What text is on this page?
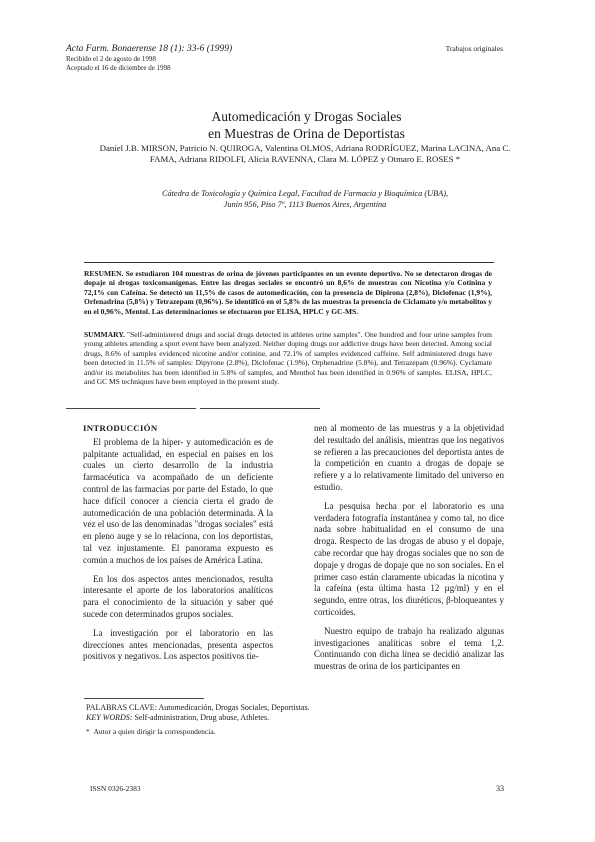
Acta Farm. Bonaerense 18 (1): 33-6 (1999)
Recibido el 2 de agosto de 1998
Aceptado el 16 de diciembre de 1998
Trabajos originales
Automedicación y Drogas Sociales
en Muestras de Orina de Deportistas
Daniel J.B. MIRSON, Patricio N. QUIROGA, Valentina OLMOS, Adriana RODRÍGUEZ, Marina LACINA, Ana C. FAMA, Adriana RIDOLFI, Alicia RAVENNA, Clara M. LÓPEZ y Otmaro E. ROSES *
Cátedra de Toxicología y Química Legal, Facultad de Farmacia y Bioquímica (UBA),
Junín 956, Piso 7º, 1113 Buenos Aires, Argentina
RESUMEN. Se estudiaron 104 muestras de orina de jóvenes participantes en un evento deportivo. No se detectaron drogas de dopaje ni drogas toxicomanígenas. Entre las drogas sociales se encontró un 8,6% de muestras con Nicotina y/o Cotinina y 72,1% con Cafeína. Se detectó un 11,5% de casos de automedicación, con la presencia de Dipirona (2,8%), Diclofenac (1,9%), Orfenadrina (5,8%) y Tetrazepam (0,96%). Se identificó en el 5,8% de las muestras la presencia de Ciclamato y/o metabolitos y en el 0,96%, Mentol. Las determinaciones se efectuaron por ELISA, HPLC y GC-MS.
SUMMARY. "Self-administered drugs and social drugs detected in athletes urine samples". One hundred and four urine samples from young athletes attending a sport event have been analyzed. Neither doping drugs nor addictive drugs have been detected. Among social drugs, 8.6% of samples evidenced nicotine and/or cotinine, and 72.1% of samples evidenced caffeine. Self administered drugs have been detected in 11.5% of samples: Dipyrone (2.8%), Diclofenac (1.9%), Orphenadrine (5.8%), and Tetrazepam (0.96%). Cyclamate and/or its metabolites has been identified in 5.8% of samples, and Menthol has been identified in 0.96% of samples. ELISA, HPLC, and GC MS techniques have been employed in the present study.
INTRODUCCIÓN

El problema de la hiper- y automedicación es de palpitante actualidad, en especial en países en los cuales un cierto desarrollo de la industria farmacéutica va acompañado de un deficiente control de las farmacias por parte del Estado, lo que hace difícil conocer a ciencia cierta el grado de automedicación de una población determinada. A la vez el uso de las denominadas "drogas sociales" está en pleno auge y se lo relaciona, con los deportistas, tal vez injustamente. El panorama expuesto es común a muchos de los países de América Latina.

En los dos aspectos antes mencionados, resulta interesante el aporte de los laboratorios analíticos para el conocimiento de la situación y saber qué sucede con determinados grupos sociales.

La investigación por el laboratorio en las direcciones antes mencionadas, presenta aspectos positivos y negativos. Los aspectos positivos tie-

nen al momento de las muestras y a la objetividad del resultado del análisis, mientras que los negativos se refieren a las precauciones del deportista antes de la competición en cuanto a drogas de dopaje se refiere y a lo relativamente limitado del universo en estudio.

La pesquisa hecha por el laboratorio es una verdadera fotografía instantánea y como tal, no dice nada sobre habitualidad en el consumo de una droga. Respecto de las drogas de abuso y el dopaje, cabe recordar que hay drogas sociales que no son de dopaje y drogas de dopaje que no son sociales. En el primer caso están claramente ubicadas la nicotina y la cafeína (esta última hasta 12 µg/ml) y en el segundo, entre otras, los diuréticos, β-bloqueantes y corticoides.

Nuestro equipo de trabajo ha realizado algunas investigaciones analíticas sobre el tema 1,2. Continuando con dicha línea se decidió analizar las muestras de orina de los participantes en

PALABRAS CLAVE: Automedicación, Drogas Sociales, Deportistas.
KEY WORDS: Self-administration, Drug abuse, Athletes.
* Autor a quien dirigir la correspondencia.
ISSN 0326-2383	33
